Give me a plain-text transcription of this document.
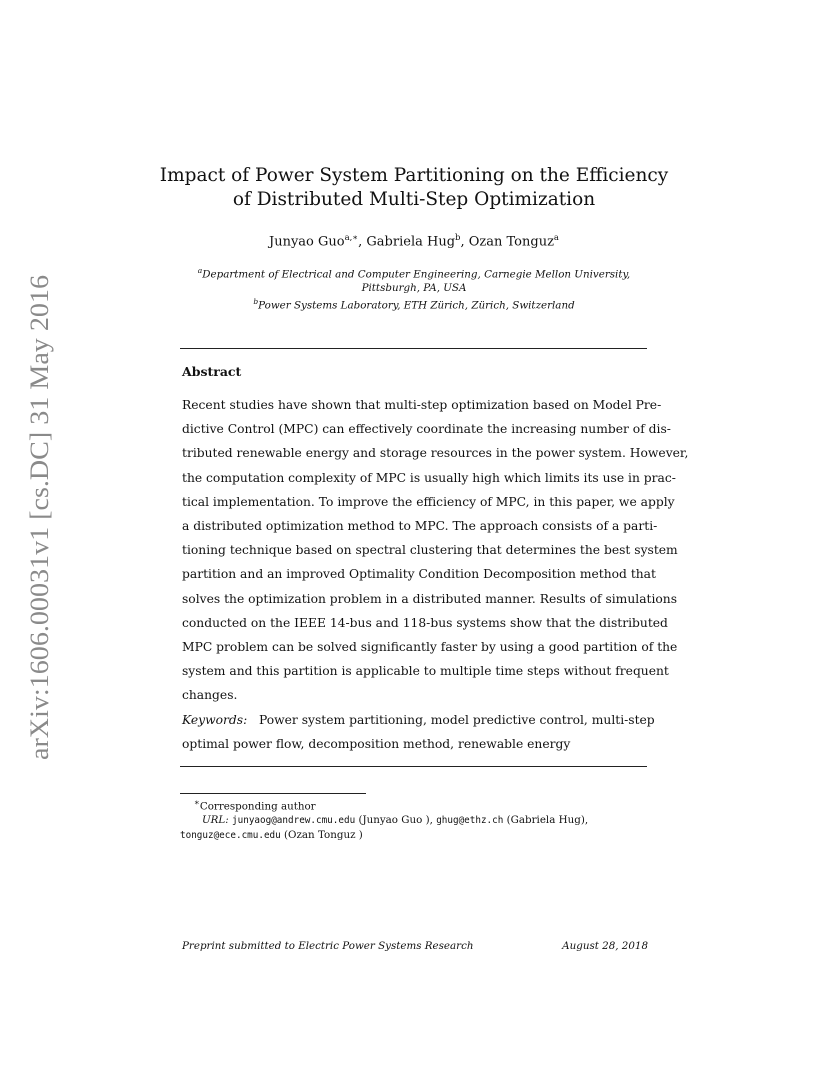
arXiv:1606.00031v1 [cs.DC] 31 May 2016
Impact of Power System Partitioning on the Efficiency
of Distributed Multi-Step Optimization
Junyao Guo$^{a,∗}$, Gabriela Hug$^b$, Ozan Tonguz$^a$
$^a$Department of Electrical and Computer Engineering, Carnegie Mellon University,
Pittsburgh, PA, USA
$^b$Power Systems Laboratory, ETH Zürich, Zürich, Switzerland
Abstract
Recent studies have shown that multi-step optimization based on Model Pre-
dictive Control (MPC) can effectively coordinate the increasing number of dis-
tributed renewable energy and storage resources in the power system. However,
the computation complexity of MPC is usually high which limits its use in prac-
tical implementation. To improve the efficiency of MPC, in this paper, we apply
a distributed optimization method to MPC. The approach consists of a parti-
tioning technique based on spectral clustering that determines the best system
partition and an improved Optimality Condition Decomposition method that
solves the optimization problem in a distributed manner. Results of simulations
conducted on the IEEE 14-bus and 118-bus systems show that the distributed
MPC problem can be solved significantly faster by using a good partition of the
system and this partition is applicable to multiple time steps without frequent
changes.
Keywords: Power system partitioning, model predictive control, multi-step
optimal power flow, decomposition method, renewable energy
∗Corresponding author
URL: junyaog@andrew.cmu.edu (Junyao Guo ), ghug@ethz.ch (Gabriela Hug),
tonguz@ece.cmu.edu (Ozan Tonguz )
Preprint submitted to Electric Power Systems Research	August 28, 2018
